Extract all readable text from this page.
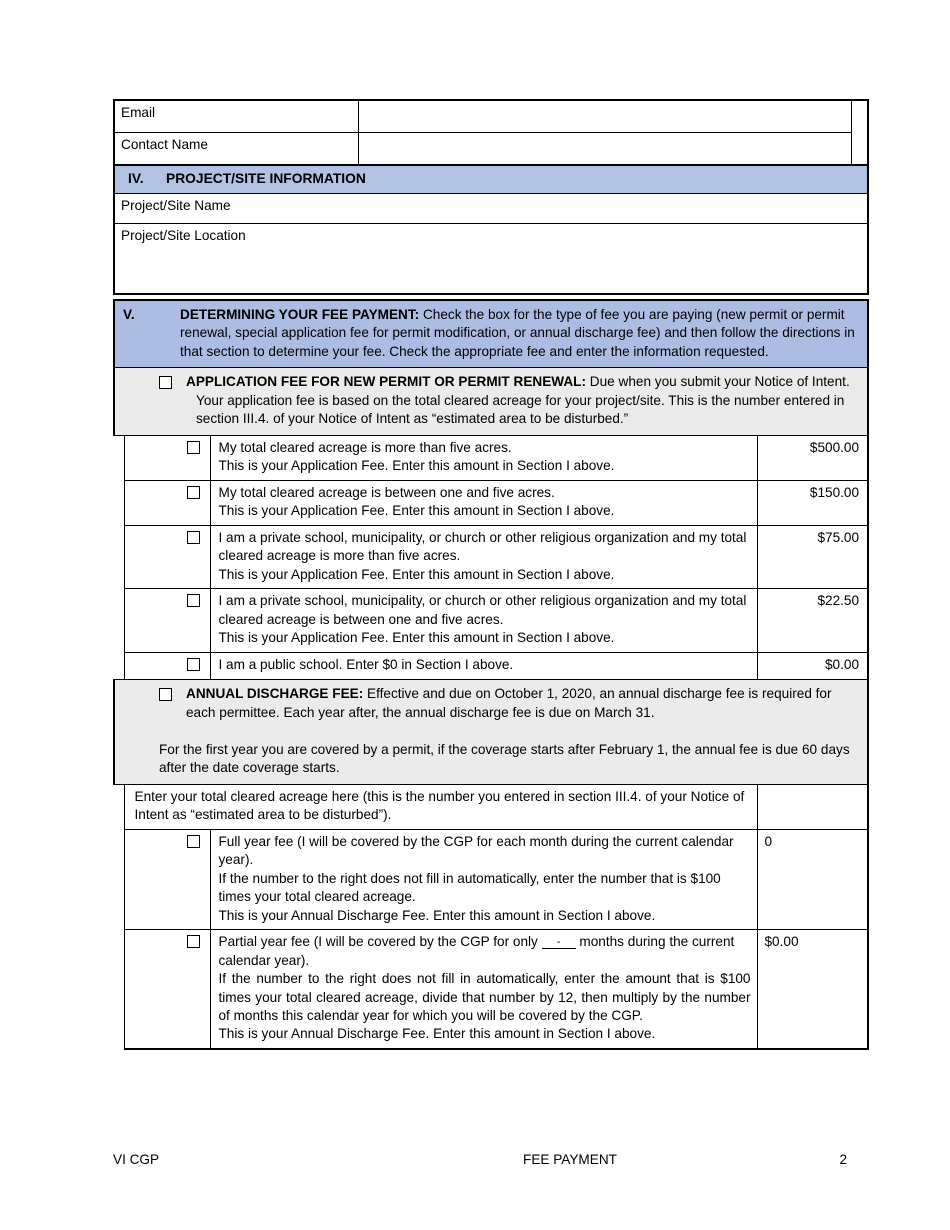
Email		
Contact Name		
IV. PROJECT/SITE INFORMATION		
Project/Site Name		
Project/Site Location		
V. DETERMINING YOUR FEE PAYMENT: Check the box for the type of fee you are paying (new permit or permit renewal, special application fee for permit modification, or annual discharge fee) and then follow the directions in that section to determine your fee. Check the appropriate fee and enter the information requested.			

APPLICATION FEE FOR NEW PERMIT OR PERMIT RENEWAL: Due when you submit your Notice of Intent.

Your application fee is based on the total cleared acreage for your project/site. This is the number entered in section III.4. of your Notice of Intent as “estimated area to be disturbed.”			

		My total cleared acreage is more than five acres.

This is your Application Fee. Enter this amount in Section I above.	$500.00

		My total cleared acreage is between one and five acres.

This is your Application Fee. Enter this amount in Section I above.	$150.00

		I am a private school, municipality, or church or other religious organization and my total cleared acreage is more than five acres.

This is your Application Fee. Enter this amount in Section I above.	$75.00

		I am a private school, municipality, or church or other religious organization and my total cleared acreage is between one and five acres.

This is your Application Fee. Enter this amount in Section I above.	$22.50

		I am a public school. Enter $0 in Section I above.	$0.00

ANNUAL DISCHARGE FEE: Effective and due on October 1, 2020, an annual discharge fee is required for each permittee. Each year after, the annual discharge fee is due on March 31.

For the first year you are covered by a permit, if the coverage starts after February 1, the annual fee is due 60 days after the date coverage starts.			

	Enter your total cleared acreage here (this is the number you entered in section III.4. of your Notice of Intent as “estimated area to be disturbed”).		

		Full year fee (I will be covered by the CGP for each month during the current calendar year).

If the number to the right does not fill in automatically, enter the number that is $100 times your total cleared acreage.

This is your Annual Discharge Fee. Enter this amount in Section I above.	0

		Partial year fee (I will be covered by the CGP for only - months during the current calendar year).

If the number to the right does not fill in automatically, enter the amount that is $100 times your total cleared acreage, divide that number by 12, then multiply by the number of months this calendar year for which you will be covered by the CGP.

This is your Annual Discharge Fee. Enter this amount in Section I above.	$0.00
VI CGP	FEE PAYMENT	2
